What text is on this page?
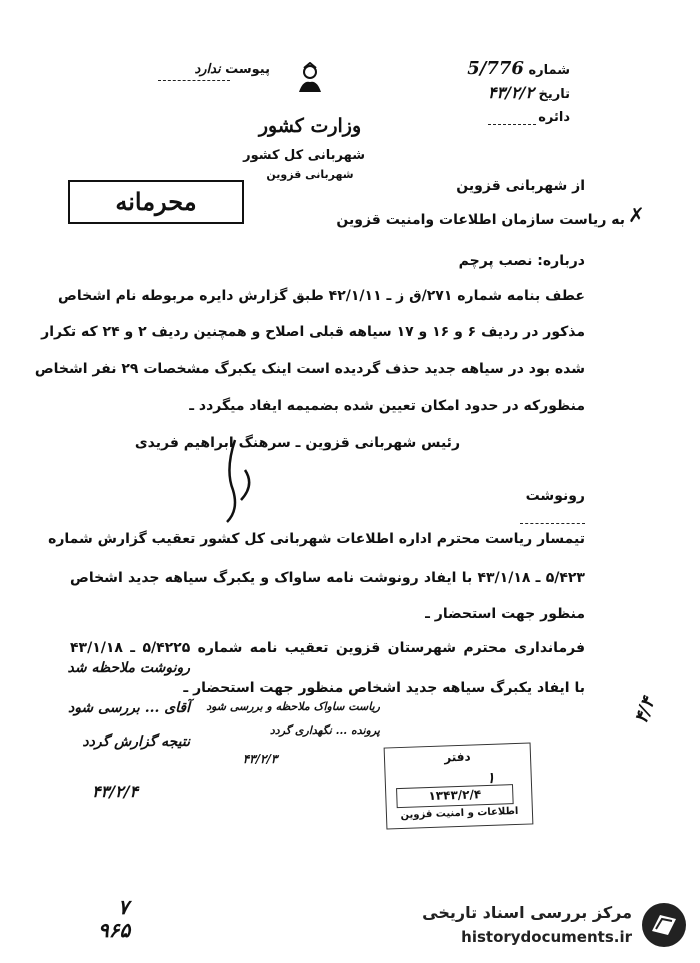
پیوست ندارد	شماره 5/776
تاریخ ۴۳/۲/۲
دائره
وزارت کشور
شهربانی کل کشور
شهربانی قزوین
محرمانه
از شهربانی قزوین
✗
به ریاست سازمان اطلاعات وامنیت قزوین
درباره: نصب پرچم
عطف بنامه شماره ۲۷۱/ق ز ـ ۴۲/۱/۱۱ طبق گزارش دایره مربوطه نام اشخاص
مذکور در ردیف ۶ و ۱۶ و ۱۷ سیاهه قبلی اصلاح و همچنین ردیف ۲ و ۲۴ که تکرار
شده بود در سیاهه جدید حذف گردیده است اینک یکبرگ مشخصات ۲۹ نفر اشخاص
منظورکه در حدود امکان تعیین شده بضمیمه ایفاد میگردد ـ
رئیس شهربانی قزوین ـ سرهنگ ابراهیم فریدی
رونوشت
تیمسار ریاست محترم اداره اطلاعات شهربانی کل کشور تعقیب گزارش شماره
۵/۴۲۳ ـ ۴۳/۱/۱۸ با ایفاد رونوشت نامه ساواک و یکبرگ سیاهه جدید اشخاص
منظور جهت استحضار ـ
فرمانداری محترم شهرستان قزوین تعقیب نامه شماره ۵/۴۲۲۵ ـ ۴۳/۱/۱۸
با ایفاد یکبرگ سیاهه جدید اشخاص منظور جهت استحضار ـ
رونوشت ملاحظه شد
آقای ... بررسی شود
نتیجه گزارش گردد
۴۳/۲/۴
ریاست ساواک ملاحظه و بررسی شود
پرونده ... نگهداری گردد
۴۳/۲/۳
۴/۴
دفتر
۱
۱۳۴۳/۲/۴
اطلاعات و امنیت قزوین
۷
۹۶۵
مرکز بررسی اسناد تاریخی
historydocuments.ir
